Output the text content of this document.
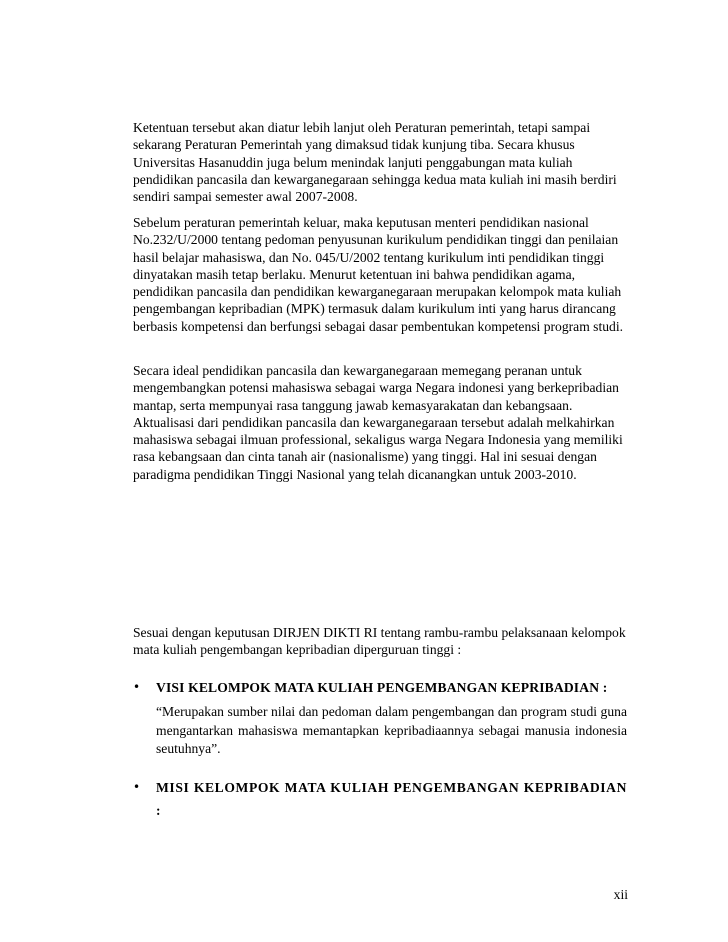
Ketentuan tersebut akan diatur lebih lanjut oleh Peraturan pemerintah, tetapi sampai sekarang Peraturan Pemerintah yang dimaksud tidak kunjung tiba. Secara khusus Universitas Hasanuddin juga belum menindak lanjuti penggabungan mata kuliah pendidikan pancasila dan kewarganegaraan sehingga kedua mata kuliah ini masih berdiri sendiri sampai semester awal 2007-2008.

Sebelum peraturan pemerintah keluar, maka keputusan menteri pendidikan nasional No.232/U/2000 tentang pedoman penyusunan kurikulum pendidikan tinggi dan penilaian hasil belajar mahasiswa, dan No. 045/U/2002 tentang kurikulum inti pendidikan tinggi dinyatakan masih tetap berlaku. Menurut ketentuan ini bahwa pendidikan agama, pendidikan pancasila dan pendidikan kewarganegaraan merupakan kelompok mata kuliah pengembangan kepribadian (MPK) termasuk dalam kurikulum inti yang harus dirancang berbasis kompetensi dan berfungsi sebagai dasar pembentukan kompetensi program studi.

Secara ideal pendidikan pancasila dan kewarganegaraan memegang peranan untuk mengembangkan potensi mahasiswa sebagai warga Negara indonesi yang berkepribadian mantap, serta mempunyai rasa tanggung jawab kemasyarakatan dan kebangsaan. Aktualisasi dari pendidikan pancasila dan kewarganegaraan tersebut adalah melkahirkan mahasiswa sebagai ilmuan professional, sekaligus warga Negara Indonesia yang memiliki rasa kebangsaan dan cinta tanah air (nasionalisme) yang tinggi. Hal ini sesuai dengan paradigma pendidikan Tinggi Nasional yang telah dicanangkan untuk 2003-2010.

Sesuai dengan keputusan DIRJEN DIKTI RI tentang rambu-rambu pelaksanaan kelompok mata kuliah pengembangan kepribadian diperguruan tinggi :

•	VISI KELOMPOK MATA KULIAH PENGEMBANGAN KEPRIBADIAN :
“Merupakan sumber nilai dan pedoman dalam pengembangan dan program studi guna mengantarkan mahasiswa memantapkan kepribadiaannya sebagai manusia indonesia seutuhnya”.
•	MISI KELOMPOK MATA KULIAH PENGEMBANGAN KEPRIBADIAN
:
xii
